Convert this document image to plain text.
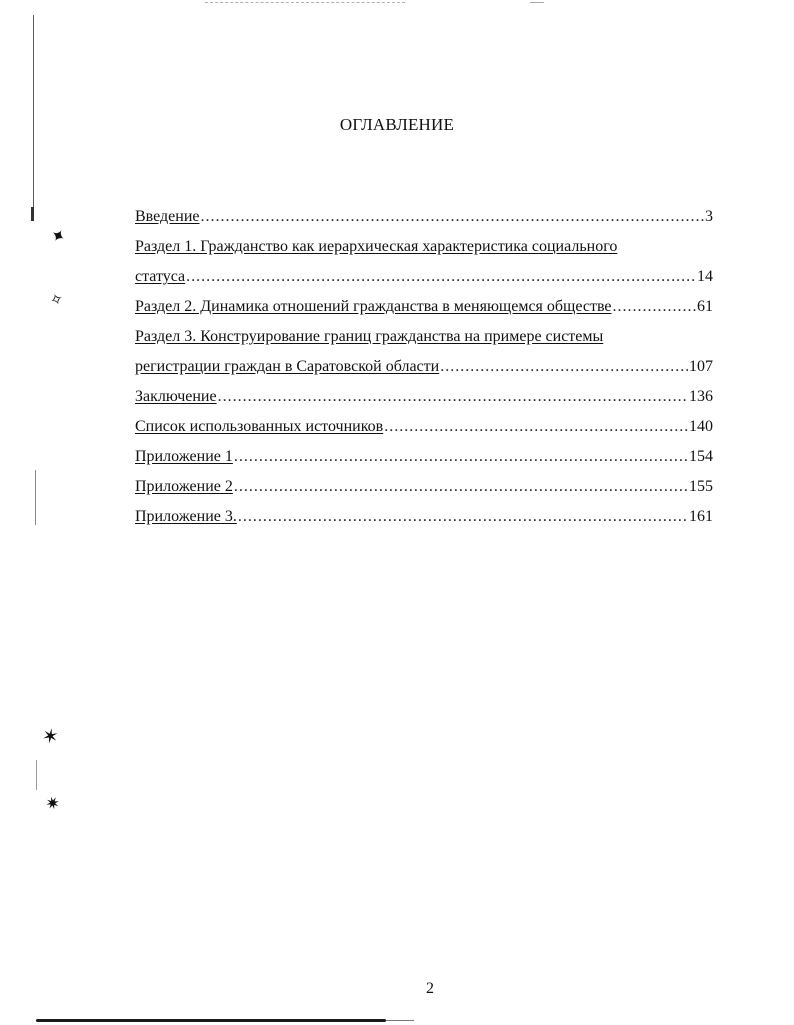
✦
✧
✶
✷
ОГЛАВЛЕНИЕ
Введение .....	3
Раздел 1. Гражданство как иерархическая характеристика социального
статуса .....	14
Раздел 2. Динамика отношений гражданства в меняющемся обществе .....	61
Раздел 3. Конструирование границ гражданства на примере системы
регистрации граждан в Саратовской области .....	107
Заключение .....	136
Список использованных источников .....	140
Приложение 1 .....	154
Приложение 2 .....	155
Приложение 3. .....	161
2
